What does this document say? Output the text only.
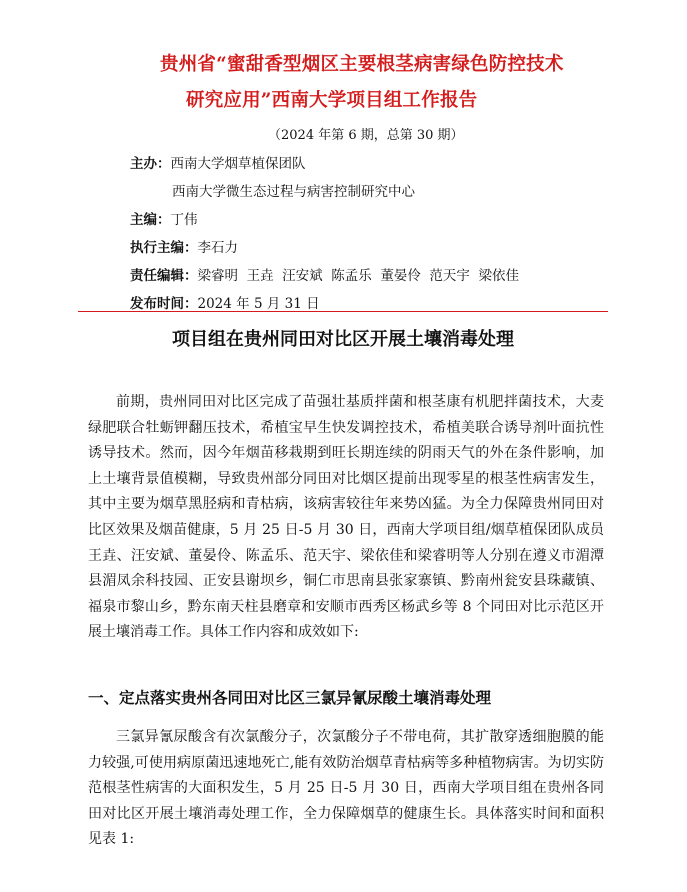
贵州省“蜜甜香型烟区主要根茎病害绿色防控技术
研究应用”西南大学项目组工作报告
（2024 年第 6 期，总第 30 期）
主办：西南大学烟草植保团队
西南大学微生态过程与病害控制研究中心
主编：丁伟
执行主编：李石力
责任编辑：梁睿明  王垚  汪安斌  陈孟乐  董晏伶  范天宇  梁依佳
发布时间：2024 年 5 月 31 日
项目组在贵州同田对比区开展土壤消毒处理

前期，贵州同田对比区完成了苗强壮基质拌菌和根茎康有机肥拌菌技术，大麦绿肥联合牡蛎钾翻压技术，希植宝早生快发调控技术，希植美联合诱导剂叶面抗性诱导技术。然而，因今年烟苗移栽期到旺长期连续的阴雨天气的外在条件影响，加上土壤背景值模糊，导致贵州部分同田对比烟区提前出现零星的根茎性病害发生，其中主要为烟草黑胫病和青枯病，该病害较往年来势凶猛。为全力保障贵州同田对比区效果及烟苗健康，5 月 25 日-5 月 30 日，西南大学项目组/烟草植保团队成员王垚、汪安斌、董晏伶、陈孟乐、范天宇、梁依佳和梁睿明等人分别在遵义市湄潭县湄凤余科技园、正安县谢坝乡，铜仁市思南县张家寨镇、黔南州瓮安县珠藏镇、福泉市黎山乡，黔东南天柱县磨章和安顺市西秀区杨武乡等 8 个同田对比示范区开展土壤消毒工作。具体工作内容和成效如下:

一、定点落实贵州各同田对比区三氯异氰尿酸土壤消毒处理

三氯异氰尿酸含有次氯酸分子，次氯酸分子不带电荷，其扩散穿透细胞膜的能力较强,可使用病原菌迅速地死亡,能有效防治烟草青枯病等多种植物病害。为切实防范根茎性病害的大面积发生，5 月 25 日-5 月 30 日，西南大学项目组在贵州各同田对比区开展土壤消毒处理工作，全力保障烟草的健康生长。具体落实时间和面积见表 1:
